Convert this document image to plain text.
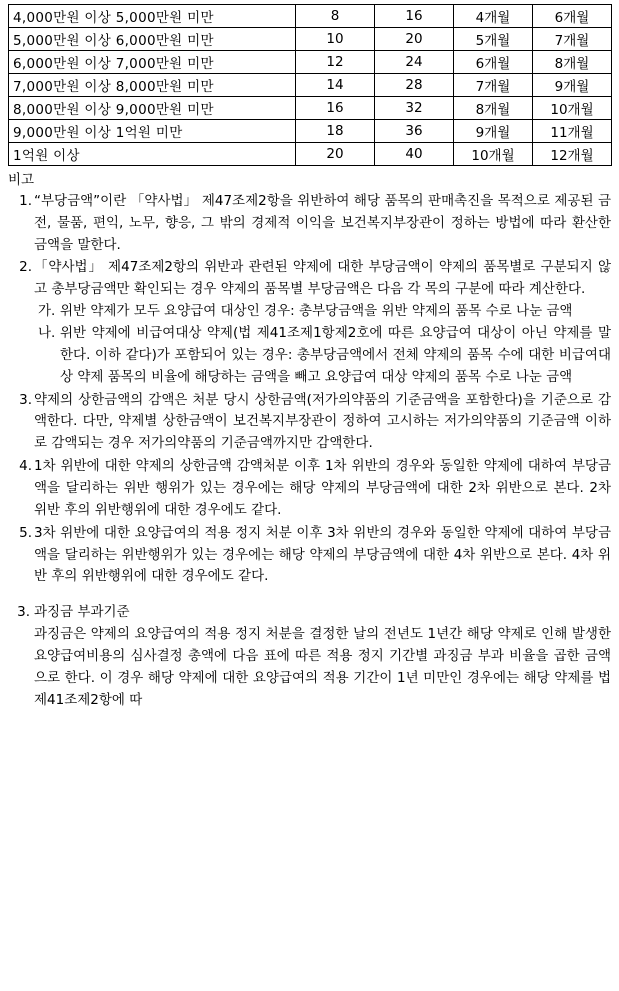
4,000만원 이상 5,000만원 미만	8	16	4개월	6개월
5,000만원 이상 6,000만원 미만	10	20	5개월	7개월
6,000만원 이상 7,000만원 미만	12	24	6개월	8개월
7,000만원 이상 8,000만원 미만	14	28	7개월	9개월
8,000만원 이상 9,000만원 미만	16	32	8개월	10개월
9,000만원 이상 1억원 미만	18	36	9개월	11개월
1억원 이상	20	40	10개월	12개월
비고
1. “부당금액”이란 「약사법」 제47조제2항을 위반하여 해당 품목의 판매촉진을 목적으로 제공된 금전, 물품, 편익, 노무, 향응, 그 밖의 경제적 이익을 보건복지부장관이 정하는 방법에 따라 환산한 금액을 말한다.
2. 「약사법」 제47조제2항의 위반과 관련된 약제에 대한 부당금액이 약제의 품목별로 구분되지 않고 총부당금액만 확인되는 경우 약제의 품목별 부당금액은 다음 각 목의 구분에 따라 계산한다.
가. 위반 약제가 모두 요양급여 대상인 경우: 총부당금액을 위반 약제의 품목 수로 나눈 금액
나. 위반 약제에 비급여대상 약제(법 제41조제1항제2호에 따른 요양급여 대상이 아닌 약제를 말한다. 이하 같다)가 포함되어 있는 경우: 총부당금액에서 전체 약제의 품목 수에 대한 비급여대상 약제 품목의 비율에 해당하는 금액을 빼고 요양급여 대상 약제의 품목 수로 나눈 금액
3. 약제의 상한금액의 감액은 처분 당시 상한금액(저가의약품의 기준금액을 포함한다)을 기준으로 감액한다. 다만, 약제별 상한금액이 보건복지부장관이 정하여 고시하는 저가의약품의 기준금액 이하로 감액되는 경우 저가의약품의 기준금액까지만 감액한다.
4. 1차 위반에 대한 약제의 상한금액 감액처분 이후 1차 위반의 경우와 동일한 약제에 대하여 부당금액을 달리하는 위반 행위가 있는 경우에는 해당 약제의 부당금액에 대한 2차 위반으로 본다. 2차 위반 후의 위반행위에 대한 경우에도 같다.
5. 3차 위반에 대한 요양급여의 적용 정지 처분 이후 3차 위반의 경우와 동일한 약제에 대하여 부당금액을 달리하는 위반행위가 있는 경우에는 해당 약제의 부당금액에 대한 4차 위반으로 본다. 4차 위반 후의 위반행위에 대한 경우에도 같다.
3. 과징금 부과기준
과징금은 약제의 요양급여의 적용 정지 처분을 결정한 날의 전년도 1년간 해당 약제로 인해 발생한 요양급여비용의 심사결정 총액에 다음 표에 따른 적용 정지 기간별 과징금 부과 비율을 곱한 금액으로 한다. 이 경우 해당 약제에 대한 요양급여의 적용 기간이 1년 미만인 경우에는 해당 약제를 법 제41조제2항에 따
